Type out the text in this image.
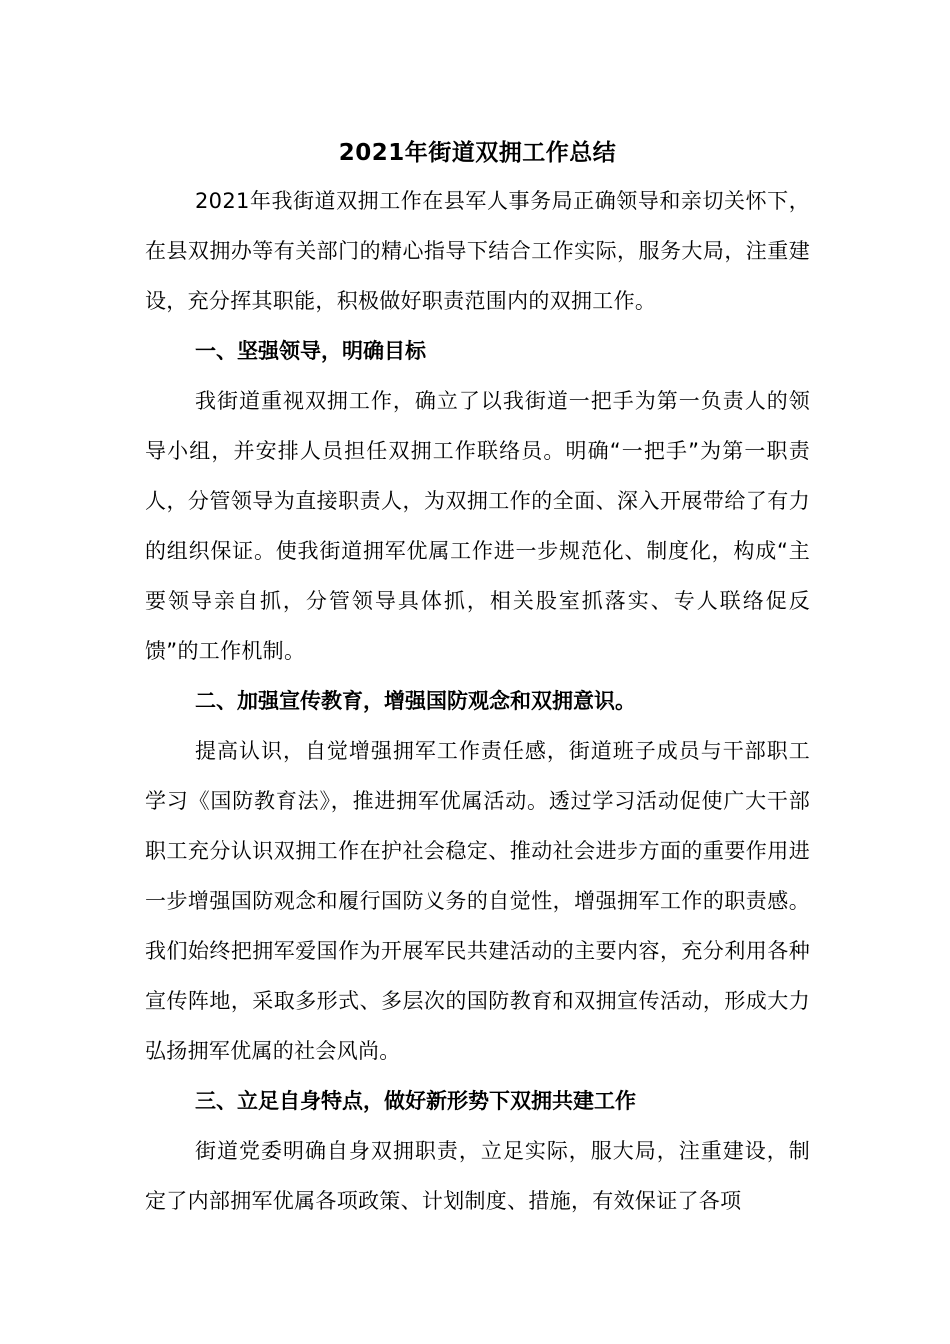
2021年街道双拥工作总结

2021年我街道双拥工作在县军人事务局正确领导和亲切关怀下，在县双拥办等有关部门的精心指导下结合工作实际，服务大局，注重建设，充分挥其职能，积极做好职责范围内的双拥工作。

一、坚强领导，明确目标

我街道重视双拥工作，确立了以我街道一把手为第一负责人的领导小组，并安排人员担任双拥工作联络员。明确“一把手”为第一职责人，分管领导为直接职责人，为双拥工作的全面、深入开展带给了有力的组织保证。使我街道拥军优属工作进一步规范化、制度化，构成“主要领导亲自抓，分管领导具体抓，相关股室抓落实、专人联络促反馈”的工作机制。

二、加强宣传教育，增强国防观念和双拥意识。

提高认识，自觉增强拥军工作责任感，街道班子成员与干部职工学习《国防教育法》，推进拥军优属活动。透过学习活动促使广大干部职工充分认识双拥工作在护社会稳定、推动社会进步方面的重要作用进一步增强国防观念和履行国防义务的自觉性，增强拥军工作的职责感。我们始终把拥军爱国作为开展军民共建活动的主要内容，充分利用各种宣传阵地，采取多形式、多层次的国防教育和双拥宣传活动，形成大力弘扬拥军优属的社会风尚。

三、立足自身特点，做好新形势下双拥共建工作

街道党委明确自身双拥职责，立足实际，服大局，注重建设，制定了内部拥军优属各项政策、计划制度、措施，有效保证了各项
